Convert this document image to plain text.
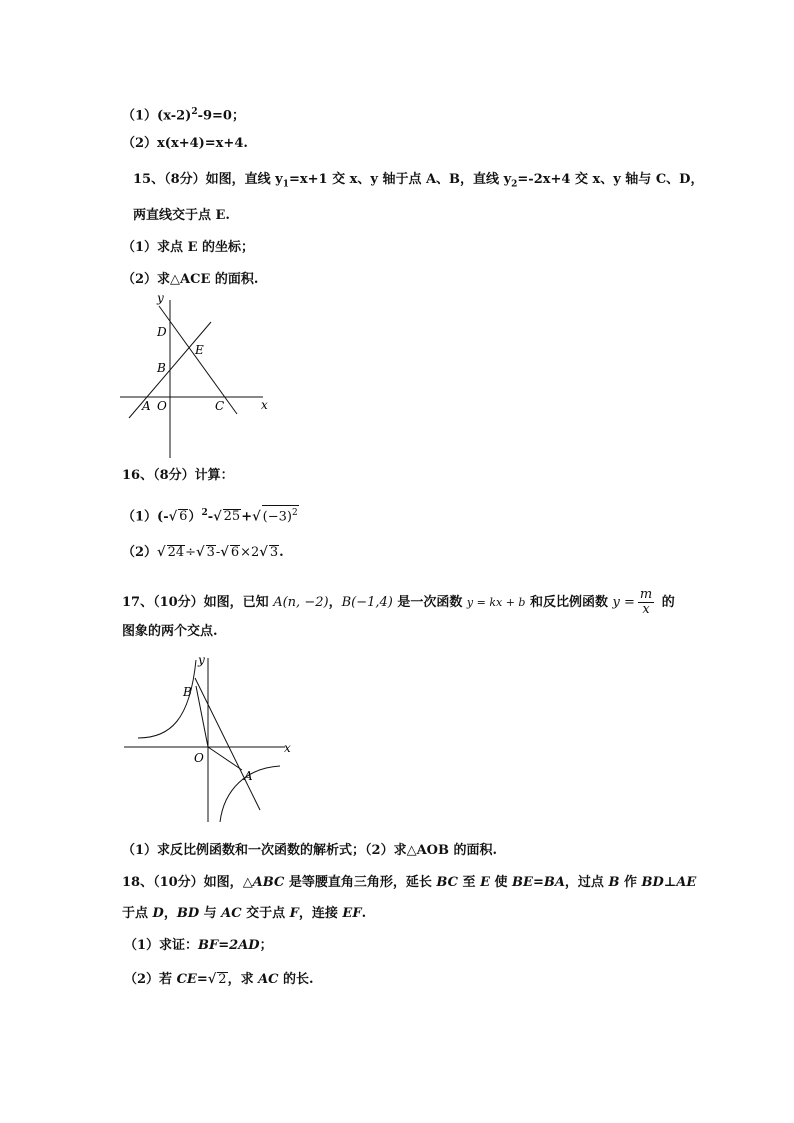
$(1)(x-2)^2-9=0$；
（2）x(x+4)=x+4.
15、（8分）如图，直线 $y_1=x+1$ 交 x、y 轴于点 A、B，直线 $y_2=-2x+4$ 交 x、y 轴与 C、D，
两直线交于点 E.
（1）求点 E 的坐标；
（2）求△ACE 的面积.
y
x
D
E
B
A O	C
16、（8分）计算：
（1）(-√ 6）$^2$-√ 25+√ $(-3)^2$
（2）√ 24÷√ 3-√ 6×2√ 3.
17、（10分）如图，已知 A(n, −2)，B(−1,4) 是一次函数 y = kx + b 和反比例函数 $y = \frac{m}{x}$ 的
图象的两个交点.
y
x
B
O
A
（1）求反比例函数和一次函数的解析式；（2）求△AOB 的面积.
18、（10分）如图，△ABC 是等腰直角三角形，延长 BC 至 E 使 BE=BA，过点 B 作 BD⊥AE
于点 D，BD 与 AC 交于点 F，连接 EF.
（1）求证：BF=2AD；
（2）若 CE=√ 2，求 AC 的长.
